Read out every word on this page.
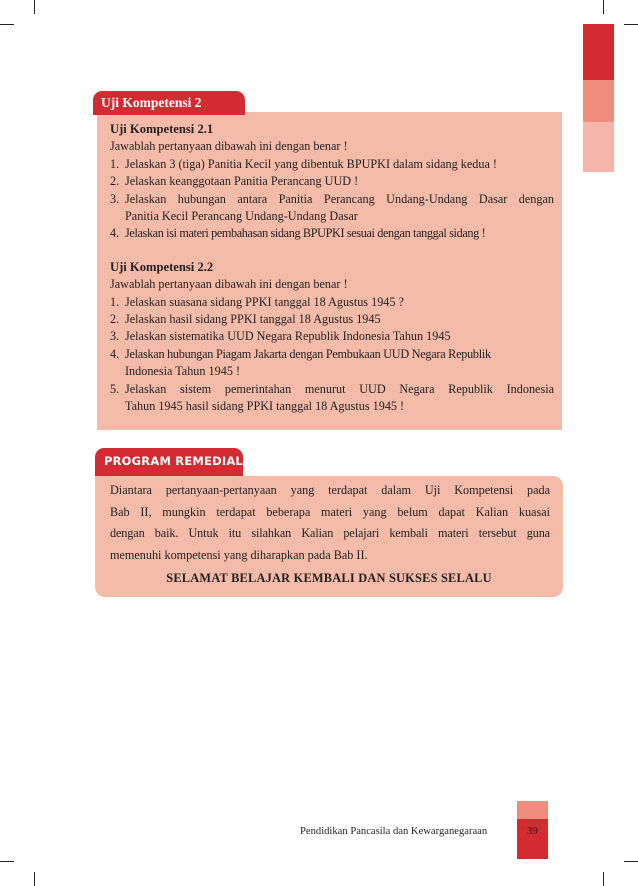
Uji Kompetensi 2

Uji Kompetensi 2.1

Jawablah pertanyaan dibawah ini dengan benar !

1. Jelaskan 3 (tiga) Panitia Kecil yang dibentuk BPUPKI dalam sidang kedua !
2. Jelaskan keanggotaan Panitia Perancang UUD !
3. Jelaskan hubungan antara Panitia Perancang Undang-Undang Dasar dengan
Panitia Kecil Perancang Undang-Undang Dasar
4. Jelaskan isi materi pembahasan sidang BPUPKI sesuai dengan tanggal sidang !

Uji Kompetensi 2.2

Jawablah pertanyaan dibawah ini dengan benar !

1. Jelaskan suasana sidang PPKI tanggal 18 Agustus 1945 ?
2. Jelaskan hasil sidang PPKI tanggal 18 Agustus 1945
3. Jelaskan sistematika UUD Negara Republik Indonesia Tahun 1945
4. Jelaskan hubungan Piagam Jakarta dengan Pembukaan UUD Negara Republik
Indonesia Tahun 1945 !
5. Jelaskan sistem pemerintahan menurut UUD Negara Republik Indonesia
Tahun 1945 hasil sidang PPKI tanggal 18 Agustus 1945 !
PROGRAM REMEDIAL
Diantara pertanyaan-pertanyaan yang terdapat dalam Uji Kompetensi pada
Bab II, mungkin terdapat beberapa materi yang belum dapat Kalian kuasai
dengan baik. Untuk itu silahkan Kalian pelajari kembali materi tersebut guna
memenuhi kompetensi yang diharapkan pada Bab II.
SELAMAT BELAJAR KEMBALI DAN SUKSES SELALU
Pendidikan Pancasila dan Kewarganegaraan	39
